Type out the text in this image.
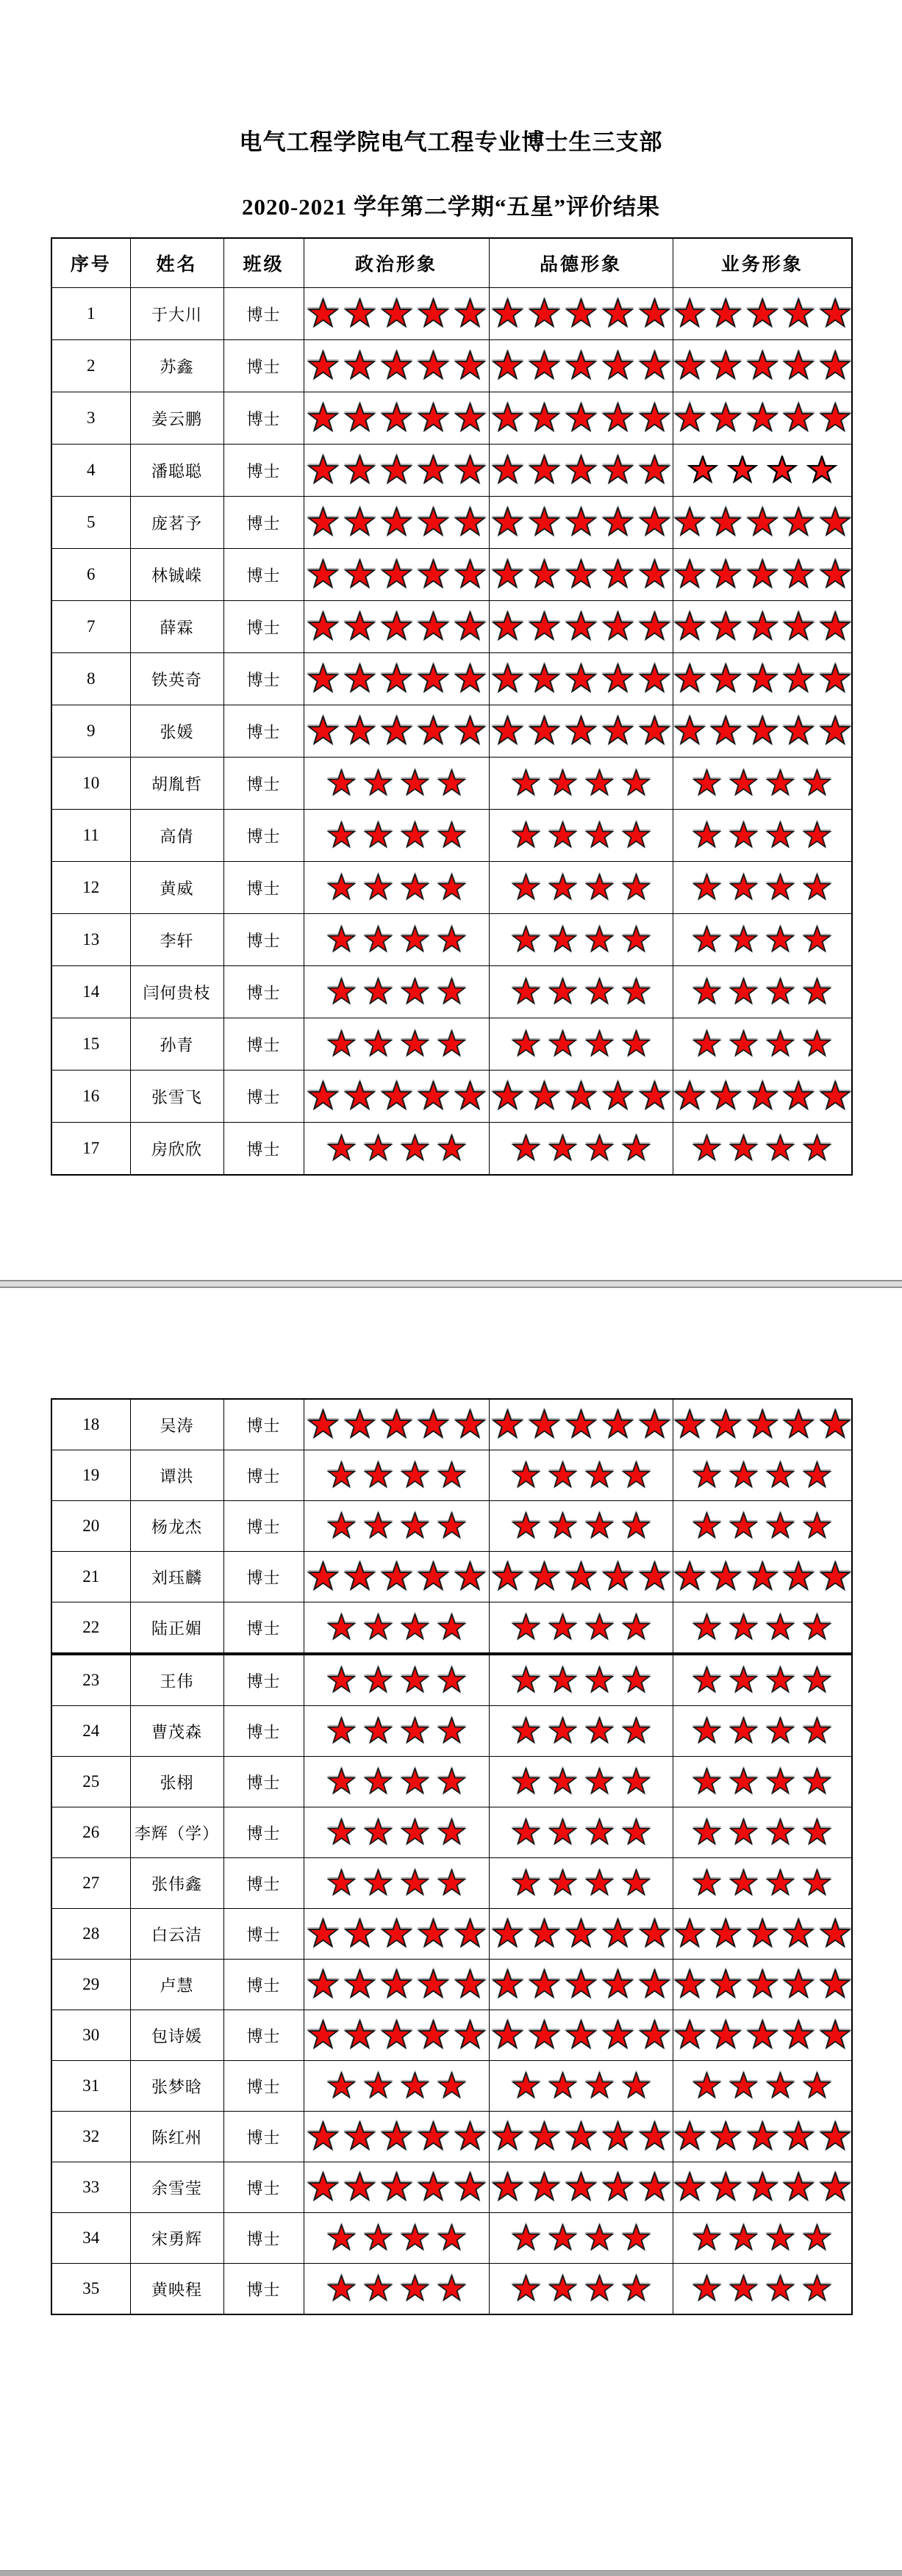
电气工程学院电气工程专业博士生三支部
2020-2021 学年第二学期“五星”评价结果
序号	姓名	班级	政治形象	品德形象	业务形象
1	于大川	博士	

2	苏鑫	博士	

3	姜云鹏	博士	

4	潘聪聪	博士	

5	庞茗予	博士	

6	林铖嵘	博士	

7	薛霖	博士	

8	铁英奇	博士	

9	张媛	博士	

10	胡胤哲	博士	

11	高倩	博士	

12	黄威	博士	

13	李轩	博士	

14	闫何贵枝	博士	

15	孙青	博士	

16	张雪飞	博士	

17	房欣欣	博士	

18	吴涛	博士	

19	谭洪	博士	

20	杨龙杰	博士	

21	刘珏麟	博士	

22	陆正媚	博士	

23	王伟	博士	

24	曹茂森	博士	

25	张栩	博士	

26	李辉（学）	博士	

27	张伟鑫	博士	

28	白云洁	博士	

29	卢慧	博士	

30	包诗媛	博士	

31	张梦晗	博士	

32	陈红州	博士	

33	余雪莹	博士	

34	宋勇辉	博士	

35	黄映程	博士	
